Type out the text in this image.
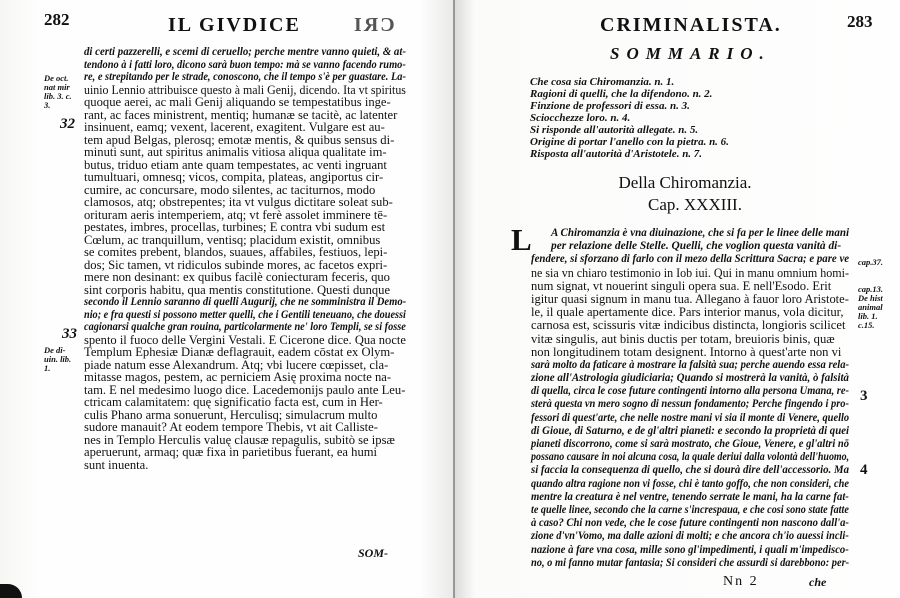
282	IL GIVDICE	CRI
di certi pazzerelli, e scemi di ceruello; perche mentre vanno quieti, & at-
tendono à i fatti loro, dicono sarà buon tempo: mà se vanno facendo rumo-
re, e strepitando per le strade, conoscono, che il tempo s'è per guastare. La-
uinio Lennio attribuisce questo à mali Genij, dicendo. Ita vt spiritus
quoque aerei, ac mali Genij aliquando se tempestatibus inge-
rant, ac faces ministrent, mentiq; humanæ se tacitè, ac latenter
insinuent, eamq; vexent, lacerent, exagitent. Vulgare est au-
tem apud Belgas, plerosq; emotæ mentis, & quibus sensus di-
minuti sunt, aut spiritus animalis vitiosa aliqua qualitate im-
butus, triduo etiam ante quam tempestates, ac venti ingruant
tumultuari, omnesq; vicos, compita, plateas, angiportus cir-
cumire, ac concursare, modo silentes, ac taciturnos, modo
clamosos, atq; obstrepentes; ita vt vulgus dictitare soleat sub-
orituram aeris intemperiem, atq; vt ferè assolet imminere tē-
pestates, imbres, procellas, turbines; E contra vbi sudum est
Cœlum, ac tranquillum, ventisq; placidum existit, omnibus
se comites prebent, blandos, suaues, affabiles, festiuos, lepi-
dos; Sic tamen, vt ridiculos subinde mores, ac facetos expri-
mere non desinant: ex quibus facilè coniecturam feceris, quo
sint corporis habitu, qua mentis constitutione. Questi dunque
secondo il Lennio saranno di quelli Augurij, che ne somministra il Demo-
nio; e fra questi si possono metter quelli, che i Gentili teneuano, che douessi
cagionarsi qualche gran rouina, particolarmente ne' loro Templi, se si fosse
spento il fuoco delle Vergini Vestali. E Cicerone dice. Qua nocte
Templum Ephesiæ Dianæ deflagrauit, eadem cōstat ex Olym-
piade natum esse Alexandrum. Atq; vbi lucere cœpisset, cla-
mitasse magos, pestem, ac perniciem Asię proxima nocte na-
tam. E nel medesimo luogo dice. Lacedemonijs paulo ante Leu-
ctricam calamitatem: quę significatio facta est, cum in Her-
culis Phano arma sonuerunt, Herculisq; simulacrum multo
sudore manauit? At eodem tempore Thebis, vt ait Calliste-
nes in Templo Herculis valuę clausæ repagulis, subitò se ipsæ
aperuerunt, armaq; quæ fixa in parietibus fuerant, ea humi
sunt inuenta.
De oct.
nat mir
lib. 3. c.
3.
32
33
De di-
uin. lib.
1.
SOM-
CRIMINALISTA.	283
SOMMARIO.
Che cosa sia Chiromanzia. n. 1.
Ragioni di quelli, che la difendono. n. 2.
Finzione de professori di essa. n. 3.
Sciocchezze loro. n. 4.
Si risponde all'autorità allegate. n. 5.
Origine di portar l'anello con la pietra. n. 6.
Risposta all'autorità d'Aristotele. n. 7.
Della Chiromanzia.
Cap. XXXIII.
L	A Chiromanzia è vna diuinazione, che si fa per le linee delle mani
per relazione delle Stelle. Quelli, che voglion questa vanità di-
fendere, si sforzano di farlo con il mezo della Scrittura Sacra; e pare ve
ne sia vn chiaro testimonio in Iob iui. Qui in manu omnium homi-
num signat, vt nouerint singuli opera sua. E nell'Esodo. Erit
igitur quasi signum in manu tua. Allegano à fauor loro Aristote-
le, il quale apertamente dice. Pars interior manus, vola dicitur,
carnosa est, scissuris vitæ indicibus distincta, longioris scilicet
vitæ singulis, aut binis ductis per totam, breuioris binis, quæ
non longitudinem totam designent. Intorno à quest'arte non vi
sarà molto da faticare à mostrare la falsità sua; perche auendo essa rela-
zione all'Astrologia giudiciaria; Quando si mostrerà la vanità, ò falsità
di quella, circa le cose future contingenti intorno alla persona Umana, re-
sterà questa vn mero sogno di nessun fondamento; Perche fingendo i pro-
fessori di quest'arte, che nelle nostre mani vi sia il monte di Venere, quello
di Gioue, di Saturno, e de gl'altri pianeti: e secondo la proprietà di quei
pianeti discorrono, come si sarà mostrato, che Gioue, Venere, e gl'altri nō
possano causare in noi alcuna cosa, la quale deriui dalla volontà dell'huomo,
si faccia la consequenza di quello, che si dourà dire dell'accessorio. Ma
quando altra ragione non vi fosse, chi è tanto goffo, che non consideri, che
mentre la creatura è nel ventre, tenendo serrate le mani, ha la carne fat-
te quelle linee, secondo che la carne s'increspaua, e che cosi sono state fatte
à caso? Chi non vede, che le cose future contingenti non nascono dall'a-
zione d'vn'Vomo, ma dalle azioni di molti; e che ancora ch'io auessi incli-
nazione à fare vna cosa, mille sono gl'impedimenti, i quali m'impedisco-
no, o mi fanno mutar fantasia; Si consideri che assurdi si darebbono: per-
cap.37.
cap.13.
De hist
animal
lib. 1.
c.15.
3
4
Nn 2	che
